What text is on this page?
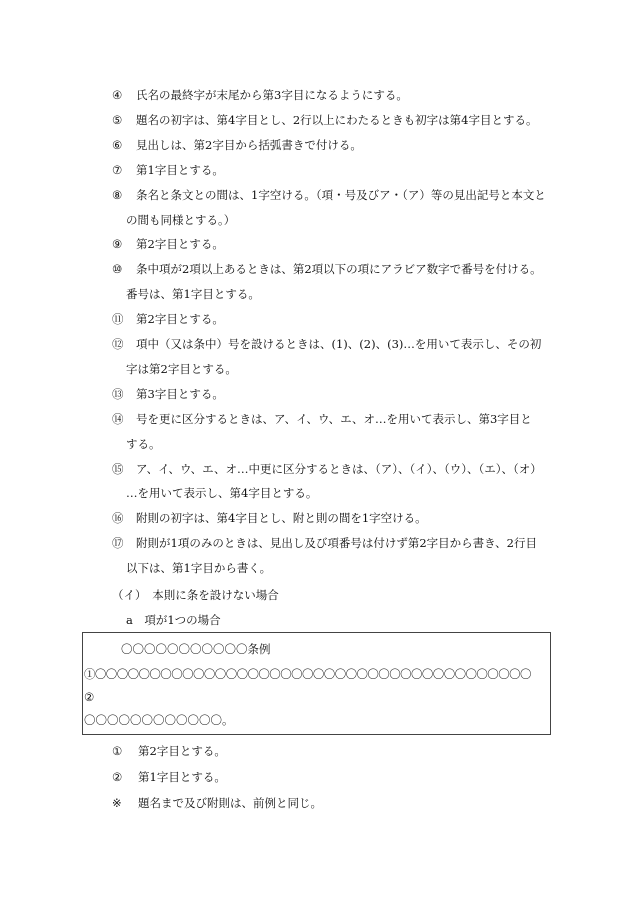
④	氏名の最終字が末尾から第3字目になるようにする。
⑤	題名の初字は、第4字目とし、2行以上にわたるときも初字は第4字目とする。
⑥	見出しは、第2字目から括弧書きで付ける。
⑦	第1字目とする。
⑧	条名と条文との間は、1字空ける。（項・号及びア・（ア）等の見出記号と本文と
の間も同様とする。）
⑨	第2字目とする。
⑩	条中項が2項以上あるときは、第2項以下の項にアラビア数字で番号を付ける。
番号は、第1字目とする。
⑪	第2字目とする。
⑫	項中（又は条中）号を設けるときは、(1)、(2)、(3)…を用いて表示し、その初
字は第2字目とする。
⑬	第3字目とする。
⑭	号を更に区分するときは、ア、イ、ウ、エ、オ…を用いて表示し、第3字目と
する。
⑮	ア、イ、ウ、エ、オ…中更に区分するときは、（ア）、（イ）、（ウ）、（エ）、（オ）
…を用いて表示し、第4字目とする。
⑯	附則の初字は、第4字目とし、附と則の間を1字空ける。
⑰	附則が1項のみのときは、見出し及び項番号は付けず第2字目から書き、2行目
以下は、第1字目から書く。
（イ）　本則に条を設けない場合
a　項が1つの場合
〇〇〇〇〇〇〇〇〇〇〇条例
①〇〇〇〇〇〇〇〇〇〇〇〇〇〇〇〇〇〇〇〇〇〇〇〇〇〇〇〇〇〇〇〇〇〇〇〇〇〇〇〇
②
〇〇〇〇〇〇〇〇〇〇〇〇。
①	第2字目とする。
②	第1字目とする。
※	題名まで及び附則は、前例と同じ。
